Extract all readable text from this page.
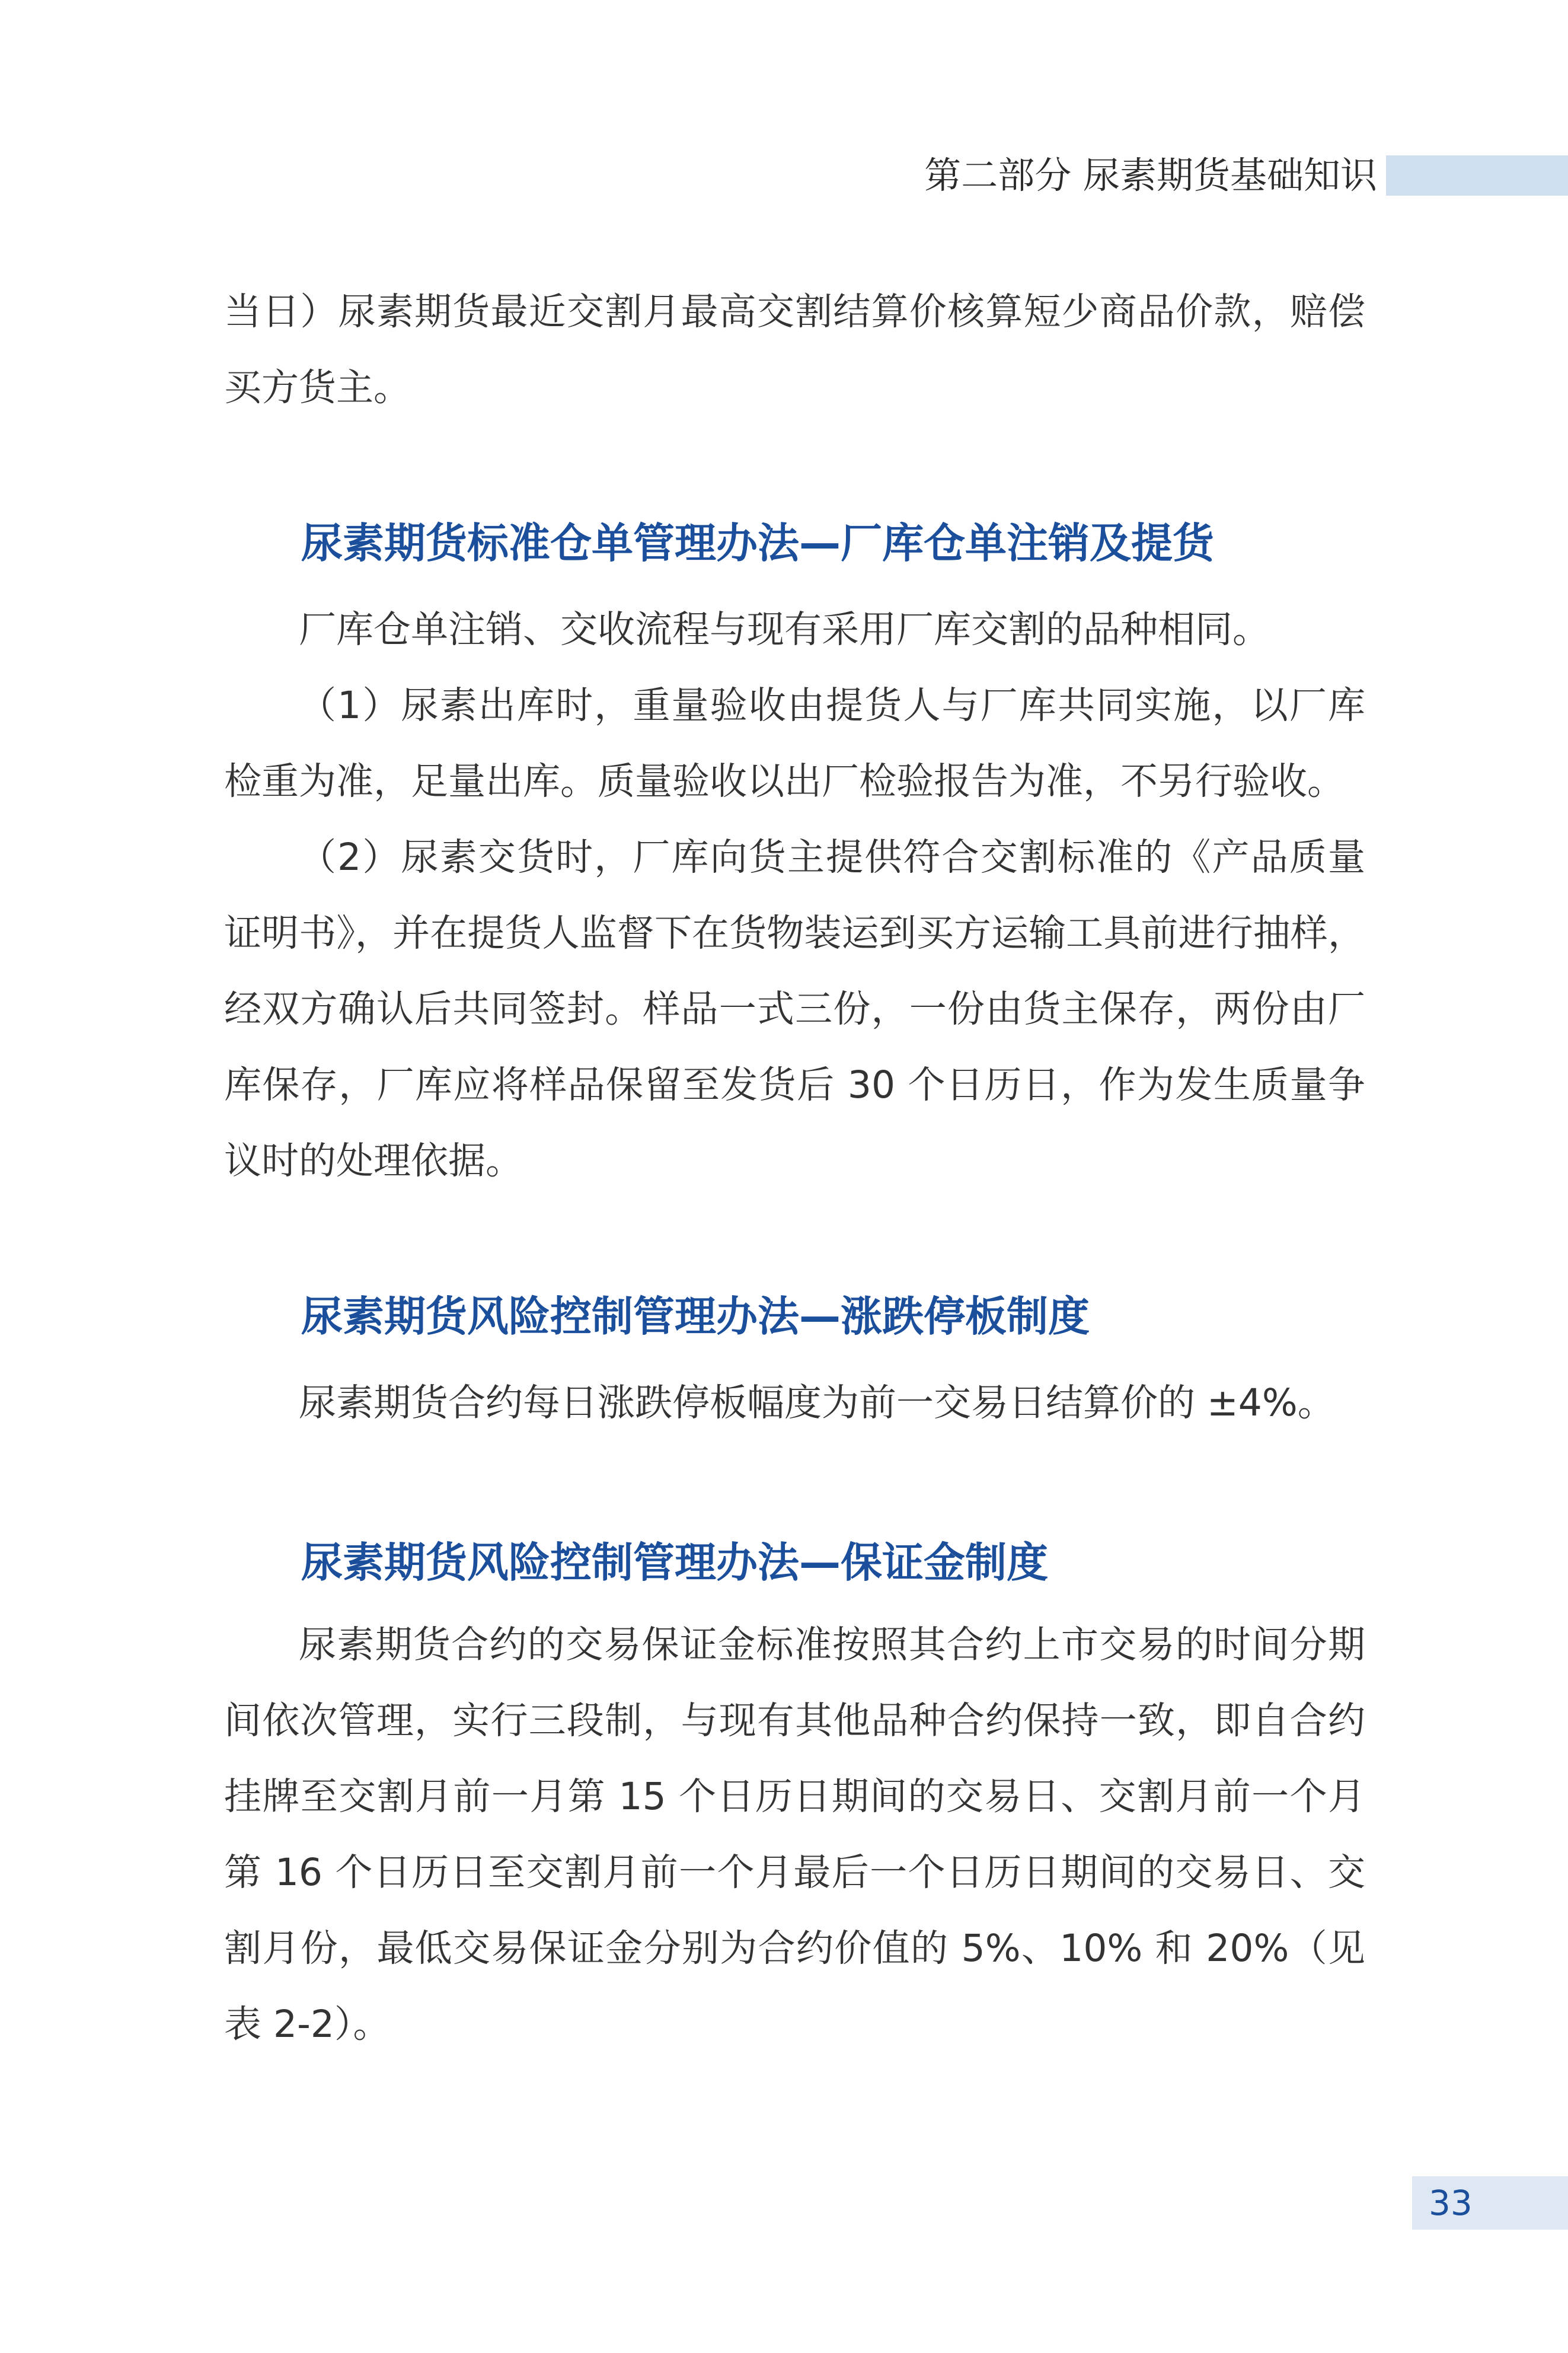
第二部分 尿素期货基础知识

当日）尿素期货最近交割月最高交割结算价核算短少商品价款，赔偿买方货主。

尿素期货标准仓单管理办法—厂库仓单注销及提货

厂库仓单注销、交收流程与现有采用厂库交割的品种相同。

（1）尿素出库时，重量验收由提货人与厂库共同实施，以厂库检重为准，足量出库。质量验收以出厂检验报告为准，不另行验收。

（2）尿素交货时，厂库向货主提供符合交割标准的《产品质量证明书》，并在提货人监督下在货物装运到买方运输工具前进行抽样，经双方确认后共同签封。样品一式三份，一份由货主保存，两份由厂库保存，厂库应将样品保留至发货后 30 个日历日，作为发生质量争议时的处理依据。

尿素期货风险控制管理办法—涨跌停板制度

尿素期货合约每日涨跌停板幅度为前一交易日结算价的 ±4%。

尿素期货风险控制管理办法—保证金制度

尿素期货合约的交易保证金标准按照其合约上市交易的时间分期间依次管理，实行三段制，与现有其他品种合约保持一致，即自合约挂牌至交割月前一月第 15 个日历日期间的交易日、交割月前一个月第 16 个日历日至交割月前一个月最后一个日历日期间的交易日、交割月份，最低交易保证金分别为合约价值的 5%、10% 和 20%（见表 2-2）。

33
